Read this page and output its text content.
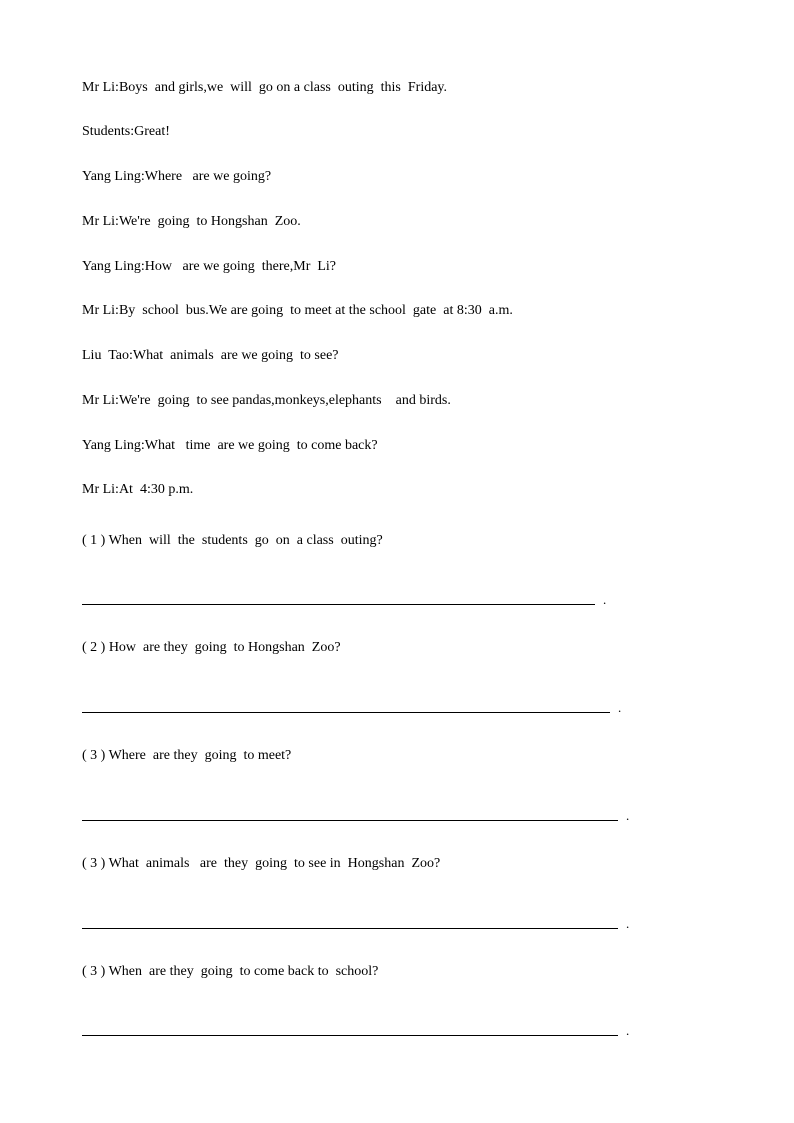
Mr Li:Boys  and girls,we  will  go on a class  outing  this  Friday.
Students:Great!
Yang Ling:Where   are we going?
Mr Li:We're  going  to Hongshan  Zoo.
Yang Ling:How   are we going  there,Mr  Li?
Mr Li:By  school  bus.We are going  to meet at the school  gate  at 8:30  a.m.
Liu  Tao:What  animals  are we going  to see?
Mr Li:We're  going  to see pandas,monkeys,elephants    and birds.
Yang Ling:What   time  are we going  to come back?
Mr Li:At  4:30 p.m.
( 1 ) When  will  the  students  go  on  a class  outing?
.
( 2 ) How  are they  going  to Hongshan  Zoo?
.
( 3 ) Where  are they  going  to meet?
.
( 3 ) What  animals   are  they  going  to see in  Hongshan  Zoo?
.
( 3 ) When  are they  going  to come back to  school?
.
